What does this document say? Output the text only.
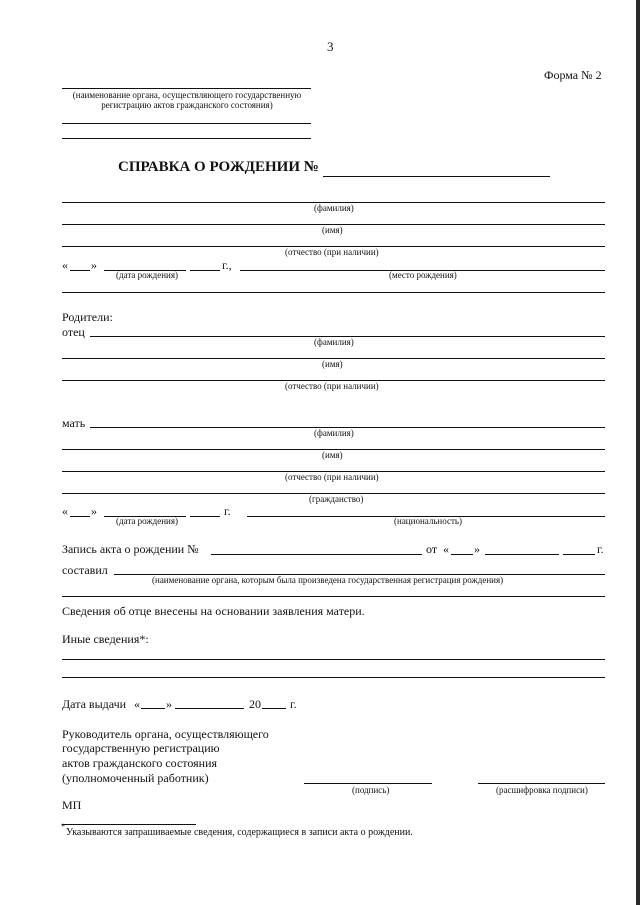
3
Форма № 2
(наименование органа, осуществляющего государственную регистрацию актов гражданского состояния)
СПРАВКА О РОЖДЕНИИ №
(фамилия)
(имя)
(отчество (при наличии)
« »	г.,
(дата рождения)	(место рождения)
Родители:
отец
(фамилия)
(имя)
(отчество (при наличии)
мать
(фамилия)
(имя)
(отчество (при наличии)
(гражданство)
« »	г.
(дата рождения)	(национальность)
Запись акта о рождении №	от « »	г.
составил
(наименование органа, которым была произведена государственная регистрация рождения)
Сведения об отце внесены на основании заявления матери.
Иные сведения*:
Дата выдачи « »	20 г.
Руководитель органа, осуществляющего
государственную регистрацию
актов гражданского состояния
(уполномоченный работник)
(подпись)	(расшифровка подписи)
МП
*
Указываются запрашиваемые сведения, содержащиеся в записи акта о рождении.
